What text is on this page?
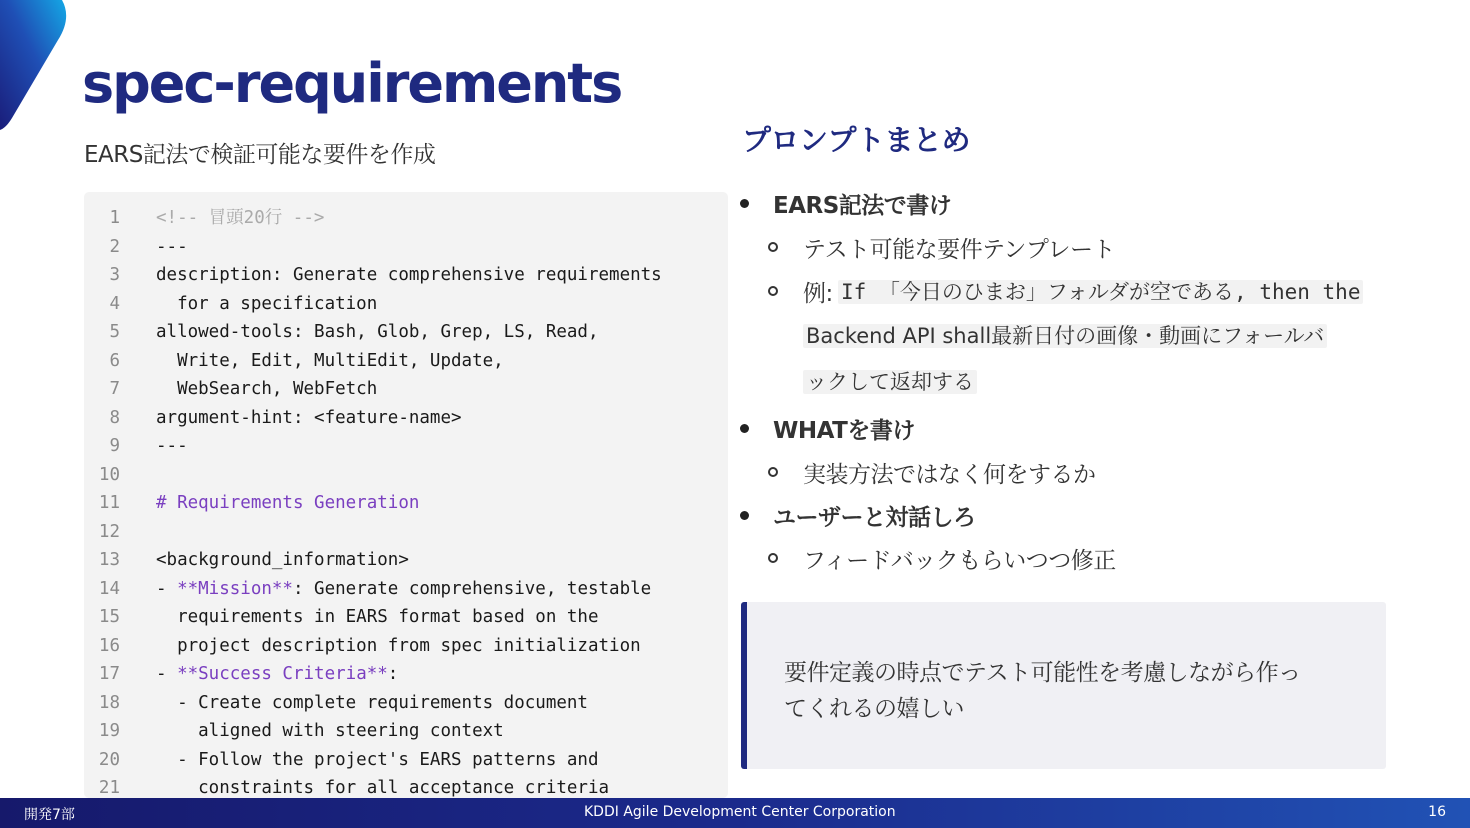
spec-requirements
EARS記法で検証可能な要件を作成
1 <!-- 冒頭20行 -->
2 ---
3 description: Generate comprehensive requirements
4 for a specification
5 allowed-tools: Bash, Glob, Grep, LS, Read,
6 Write, Edit, MultiEdit, Update,
7 WebSearch, WebFetch
8 argument-hint: <feature-name>
9 ---
10
11 # Requirements Generation
12
13 <background_information>
14 - **Mission**: Generate comprehensive, testable
15 requirements in EARS format based on the
16 project description from spec initialization
17 - **Success Criteria**:
18 - Create complete requirements document
19 aligned with steering context
20 - Follow the project's EARS patterns and
21 constraints for all acceptance criteria
プロンプトまとめ
EARS記法で書け
テスト可能な要件テンプレート
例: If 「今日のひまお」フォルダが空である, then the
Backend API shall最新日付の画像・動画にフォールバ
ックして返却する
WHATを書け
実装方法ではなく何をするか
ユーザーと対話しろ
フィードバックもらいつつ修正
要件定義の時点でテスト可能性を考慮しながら作っ
てくれるの嬉しい
開発7部	KDDI Agile Development Center Corporation	16
